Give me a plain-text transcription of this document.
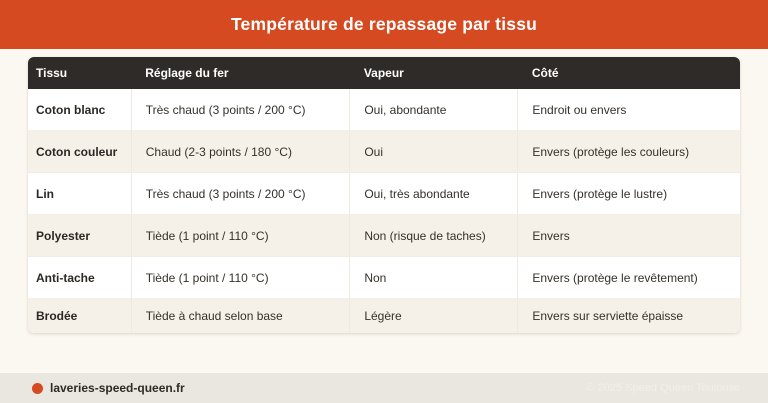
Température de repassage par tissu
Tissu	Réglage du fer	Vapeur	Côté
Coton blanc	Très chaud (3 points / 200 °C)	Oui, abondante	Endroit ou envers
Coton couleur	Chaud (2-3 points / 180 °C)	Oui	Envers (protège les couleurs)
Lin	Très chaud (3 points / 200 °C)	Oui, très abondante	Envers (protège le lustre)
Polyester	Tiède (1 point / 110 °C)	Non (risque de taches)	Envers
Anti-tache	Tiède (1 point / 110 °C)	Non	Envers (protège le revêtement)
Brodée	Tiède à chaud selon base	Légère	Envers sur serviette épaisse
laveries-speed-queen.fr	© 2025 Speed Queen Toulouse
